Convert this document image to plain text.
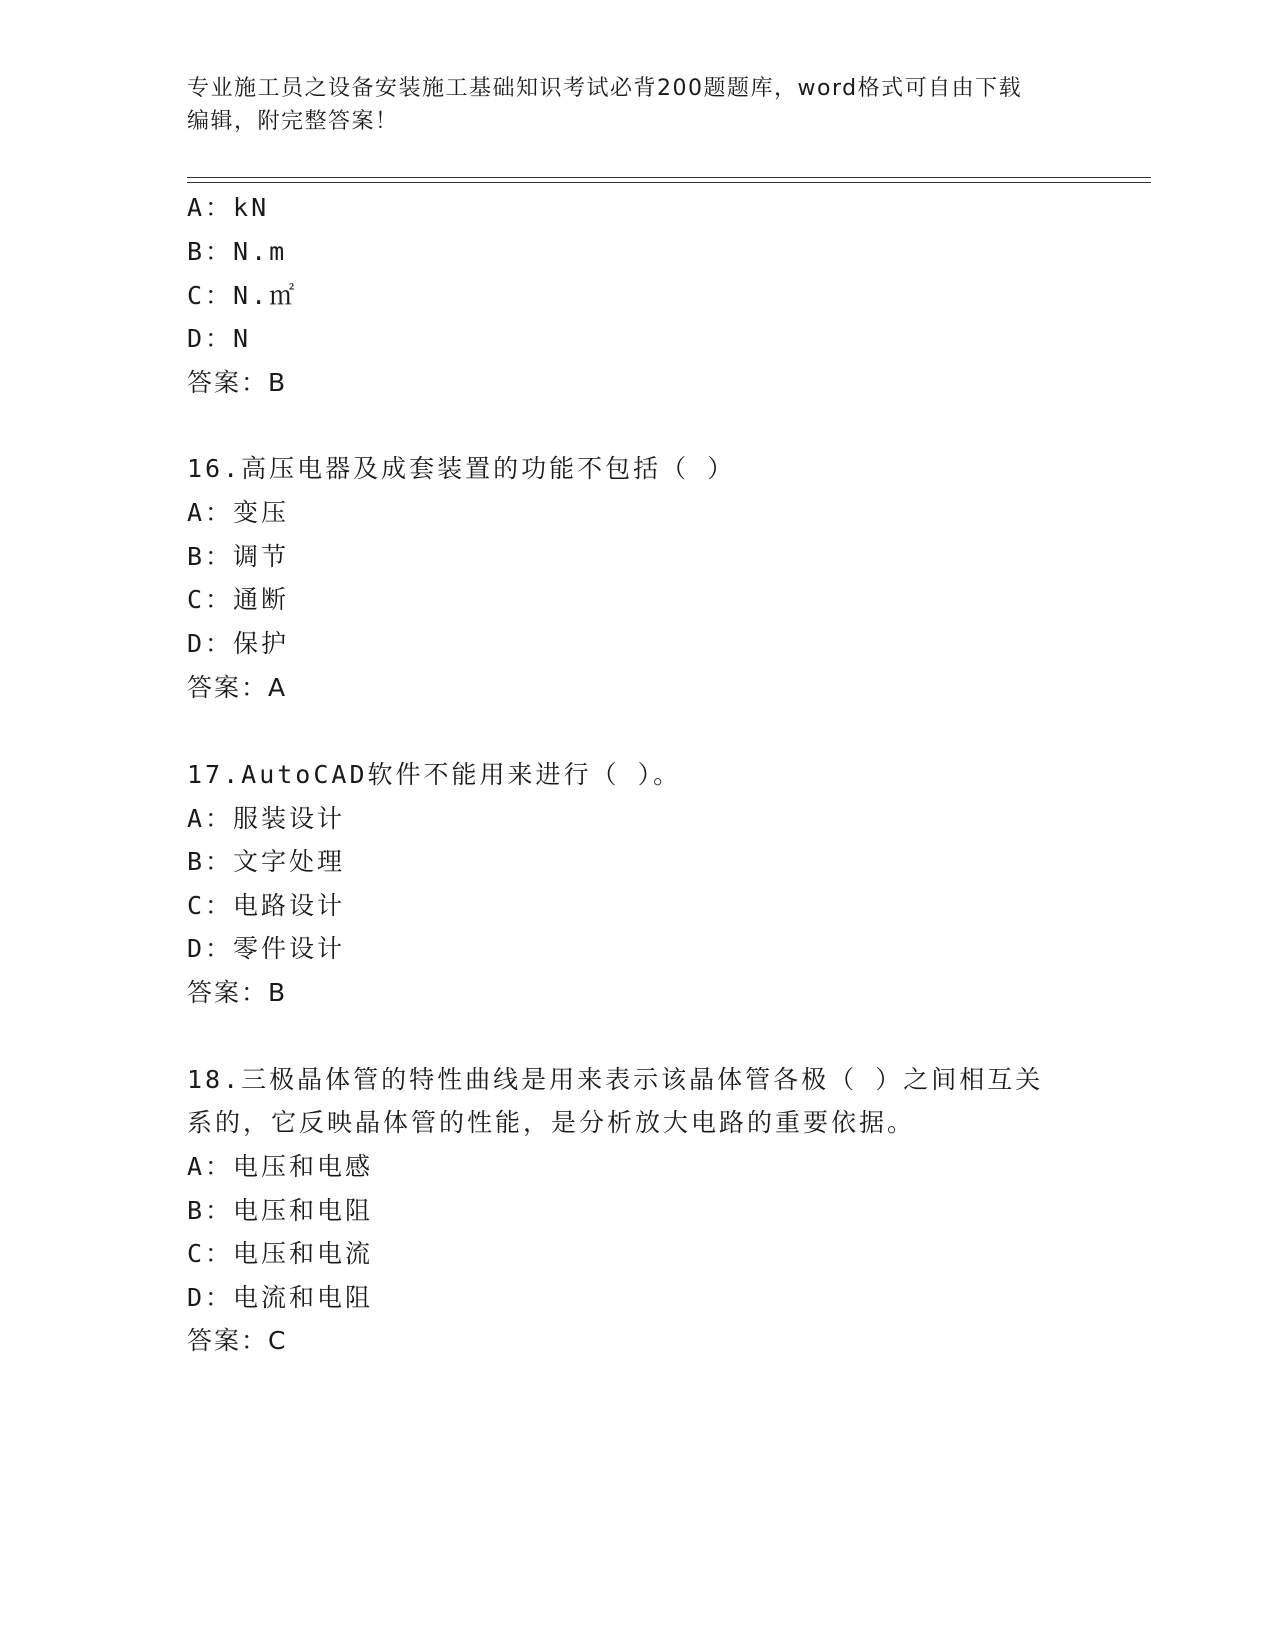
专业施工员之设备安装施工基础知识考试必背200题题库，word格式可自由下载
编辑，附完整答案！
A：kN
B：N.m
C：N.㎡
D：N
答案：B
16.高压电器及成套装置的功能不包括（ ）
A：变压
B：调节
C：通断
D：保护
答案：A
17.AutoCAD软件不能用来进行（ ）。
A：服装设计
B：文字处理
C：电路设计
D：零件设计
答案：B
18.三极晶体管的特性曲线是用来表示该晶体管各极（ ）之间相互关
系的，它反映晶体管的性能，是分析放大电路的重要依据。
A：电压和电感
B：电压和电阻
C：电压和电流
D：电流和电阻
答案：C
